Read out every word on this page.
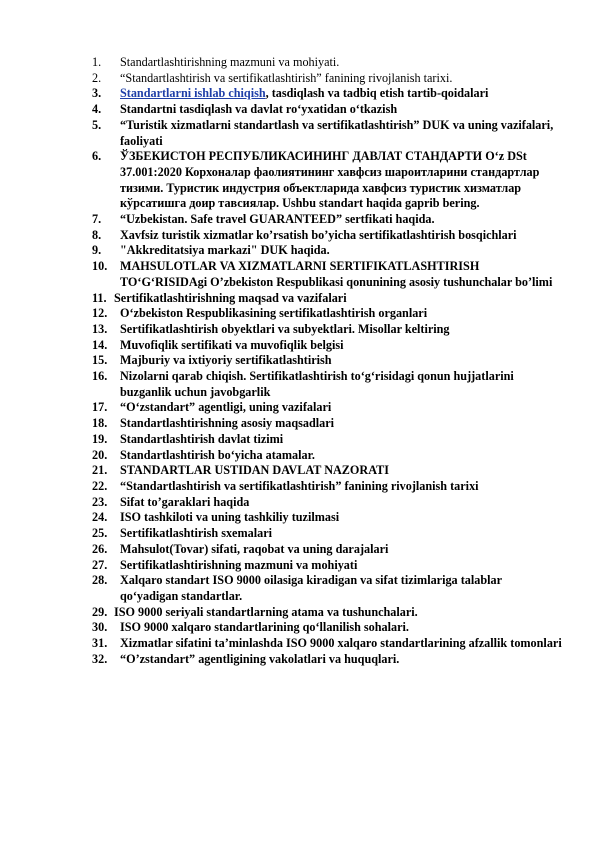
1.	Standartlashtirishning mazmuni va mohiyati.
2.	“Standartlashtirish va sertifikatlashtirish” fanining rivojlanish tarixi.
3.	Standartlarni ishlab chiqish, tasdiqlash va tadbiq etish tartib-qoidalari
4.	Standartni tasdiqlash va davlat ro‘yxatidan o‘tkazish
5.	“Turistik xizmatlarni standartlash va sertifikatlashtirish” DUK va uning vazifalari, faoliyati
6.	ЎЗБЕКИСТОН РЕСПУБЛИКАСИНИНГ ДАВЛАТ СТАНДАРТИ O‘z DSt 37.001:2020 Корхоналар фаолиятининг хавфсиз шароитларини стандартлар тизими. Туристик индустрия объектларида хавфсиз туристик хизматлар кўрсатишга доир тавсиялар. Ushbu standart haqida gaprib bering.
7.	“Uzbekistan. Safe travel GUARANTEED” sertfikati haqida.
8.	Xavfsiz turistik xizmatlar ko’rsatish bo’yicha sertifikatlashtirish bosqichlari
9.	"Akkreditatsiya markazi" DUK haqida.
10.	MAHSULOTLAR VA XIZMATLARNI SERTIFIKATLASHTIRISH TO‘G‘RISIDAgi O’zbekiston Respublikasi qonunining asosiy tushunchalar bo’limi
11. Sertifikatlashtirishning maqsad va vazifalari
12.	O‘zbekiston Respublikasining sertifikatlashtirish organlari
13.	Sertifikatlashtirish obyektlari va subyektlari. Misollar keltiring
14.	Muvofiqlik sertifikati va muvofiqlik belgisi
15.	Majburiy va ixtiyoriy sertifikatlashtirish
16.	Nizolarni qarab chiqish. Sertifikatlashtirish to‘g‘risidagi qonun hujjatlarini buzganlik uchun javobgarlik
17.	“O‘zstandart” agentligi, uning vazifalari
18.	Standartlashtirishning asosiy maqsadlari
19.	Standartlashtirish davlat tizimi
20.	Standartlashtirish bo‘yicha atamalar.
21.	STANDARTLAR USTIDAN DAVLAT NAZORATI
22.	“Standartlashtirish va sertifikatlashtirish” fanining rivojlanish tarixi
23.	Sifat to’garaklari haqida
24.	ISO tashkiloti va uning tashkiliy tuzilmasi
25.	Sertifikatlashtirish sxemalari
26.	Mahsulot(Tovar) sifati, raqobat va uning darajalari
27.	Sertifikatlashtirishning mazmuni va mohiyati
28.	Xalqaro standart ISO 9000 oilasiga kiradigan va sifat tizimlariga talablar qo‘yadigan standartlar.
29. ISO 9000 seriyali standartlarning atama va tushunchalari.
30.	ISO 9000 xalqaro standartlarining qo‘llanilish sohalari.
31.	Xizmatlar sifatini ta’minlashda ISO 9000 xalqaro standartlarining afzallik tomonlari
32.	“O’zstandart” agentligining vakolatlari va huquqlari.
